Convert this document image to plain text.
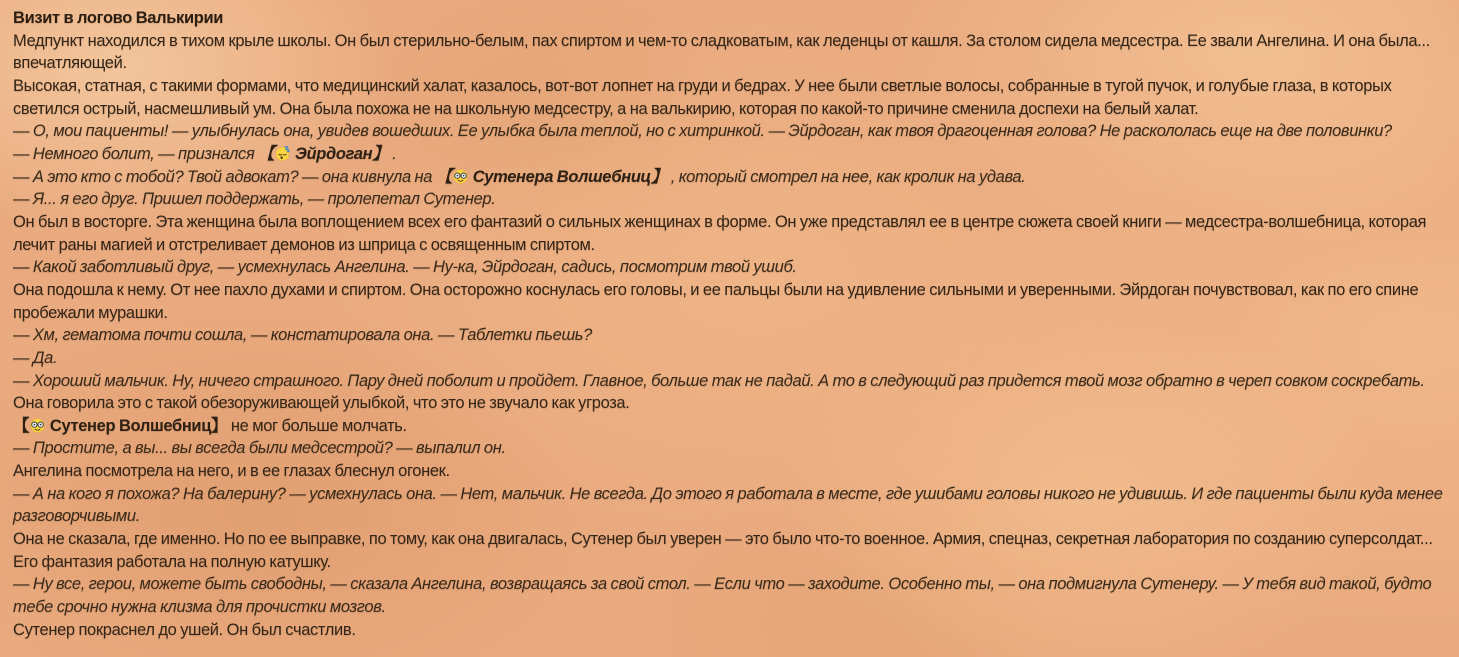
Визит в логово Валькирии
Медпункт находился в тихом крыле школы. Он был стерильно-белым, пах спиртом и чем-то сладковатым, как леденцы от кашля. За столом сидела медсестра. Ее звали Ангелина. И она была... впечатляющей.
Высокая, статная, с такими формами, что медицинский халат, казалось, вот-вот лопнет на груди и бедрах. У нее были светлые волосы, собранные в тугой пучок, и голубые глаза, в которых светился острый, насмешливый ум. Она была похожа не на школьную медсестру, а на валькирию, которая по какой-то причине сменила доспехи на белый халат.
— О, мои пациенты! — улыбнулась она, увидев вошедших. Ее улыбка была теплой, но с хитринкой. — Эйрдоган, как твоя драгоценная голова? Не раскололась еще на две половинки?
— Немного болит, — признался 【 Эйрдоган】 .
— А это кто с тобой? Твой адвокат? — она кивнула на 【 Сутенера Волшебниц】 , который смотрел на нее, как кролик на удава.
— Я... я его друг. Пришел поддержать, — пролепетал Сутенер.
Он был в восторге. Эта женщина была воплощением всех его фантазий о сильных женщинах в форме. Он уже представлял ее в центре сюжета своей книги — медсестра-волшебница, которая лечит раны магией и отстреливает демонов из шприца с освященным спиртом.
— Какой заботливый друг, — усмехнулась Ангелина. — Ну-ка, Эйрдоган, садись, посмотрим твой ушиб.
Она подошла к нему. От нее пахло духами и спиртом. Она осторожно коснулась его головы, и ее пальцы были на удивление сильными и уверенными. Эйрдоган почувствовал, как по его спине пробежали мурашки.
— Хм, гематома почти сошла, — констатировала она. — Таблетки пьешь?
— Да.
— Хороший мальчик. Ну, ничего страшного. Пару дней поболит и пройдет. Главное, больше так не падай. А то в следующий раз придется твой мозг обратно в череп совком соскребать.
Она говорила это с такой обезоруживающей улыбкой, что это не звучало как угроза.
【 Сутенер Волшебниц】 не мог больше молчать.
— Простите, а вы... вы всегда были медсестрой? — выпалил он.
Ангелина посмотрела на него, и в ее глазах блеснул огонек.
— А на кого я похожа? На балерину? — усмехнулась она. — Нет, мальчик. Не всегда. До этого я работала в месте, где ушибами головы никого не удивишь. И где пациенты были куда менее разговорчивыми.
Она не сказала, где именно. Но по ее выправке, по тому, как она двигалась, Сутенер был уверен — это было что-то военное. Армия, спецназ, секретная лаборатория по созданию суперсолдат... Его фантазия работала на полную катушку.
— Ну все, герои, можете быть свободны, — сказала Ангелина, возвращаясь за свой стол. — Если что — заходите. Особенно ты, — она подмигнула Сутенеру. — У тебя вид такой, будто тебе срочно нужна клизма для прочистки мозгов.
Сутенер покраснел до ушей. Он был счастлив.
